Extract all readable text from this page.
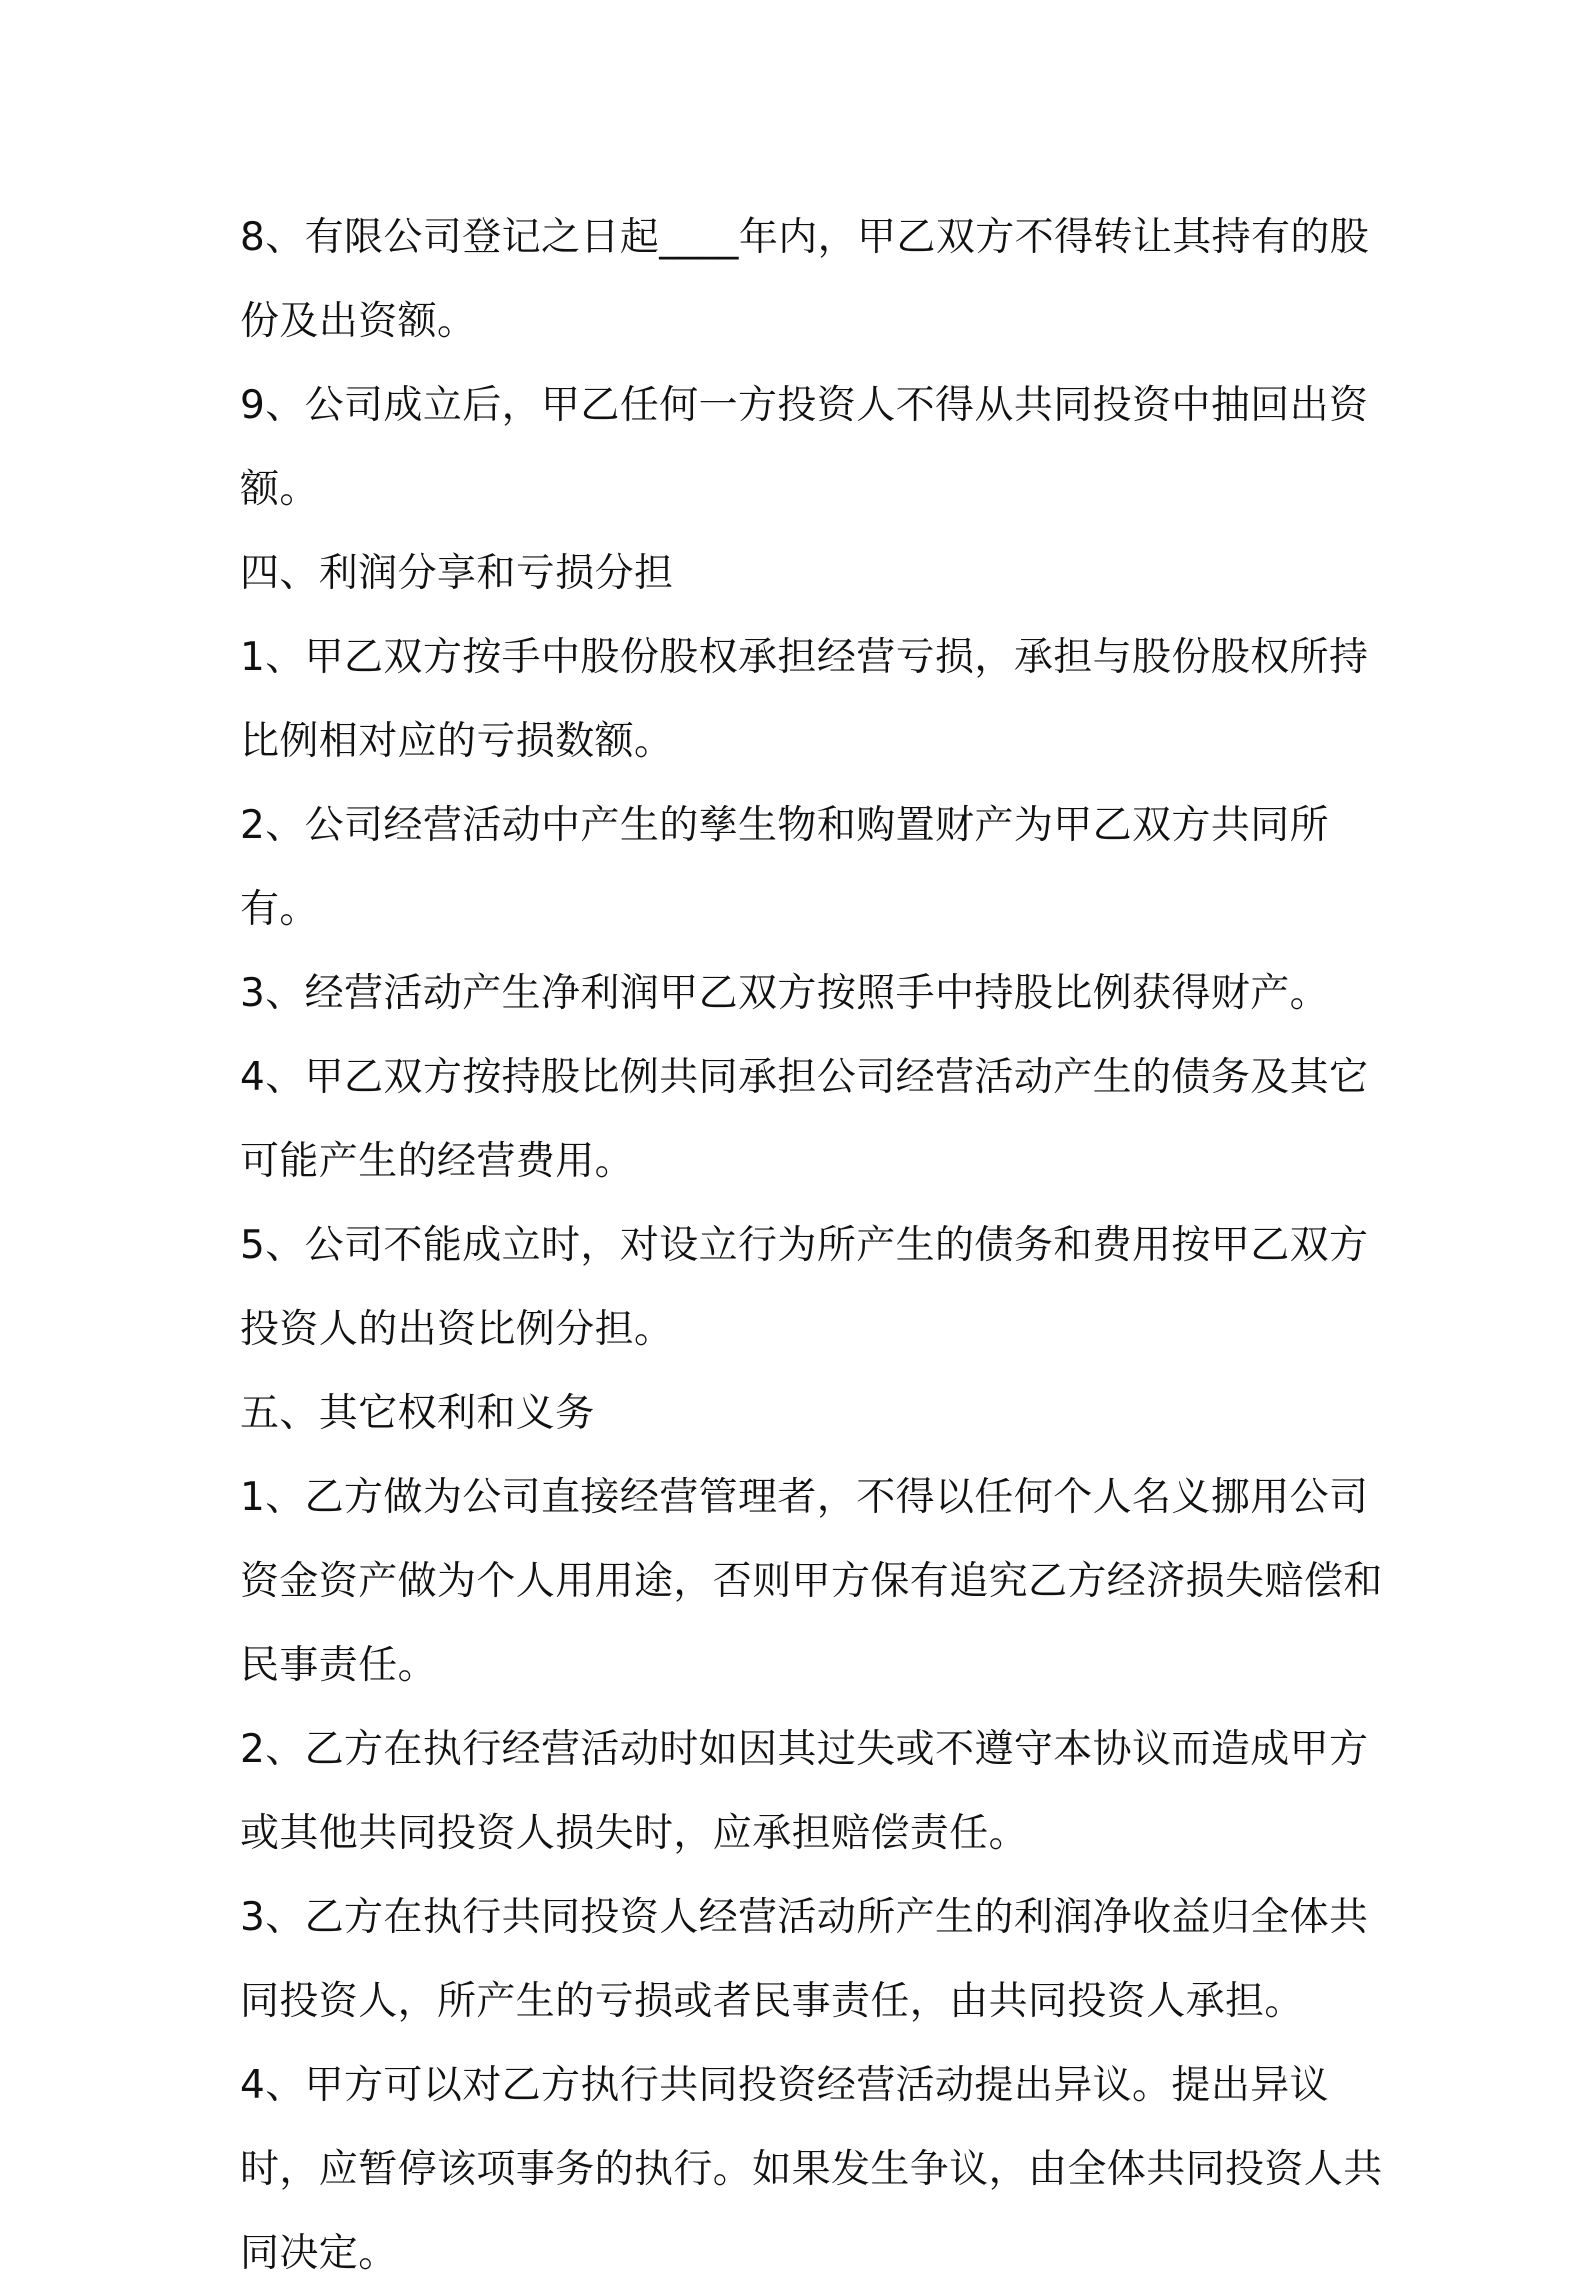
8、有限公司登记之日起____年内，甲乙双方不得转让其持有的股份及出资额。

9、公司成立后，甲乙任何一方投资人不得从共同投资中抽回出资额。

四、利润分享和亏损分担

1、甲乙双方按手中股份股权承担经营亏损，承担与股份股权所持比例相对应的亏损数额。

2、公司经营活动中产生的孳生物和购置财产为甲乙双方共同所有。

3、经营活动产生净利润甲乙双方按照手中持股比例获得财产。

4、甲乙双方按持股比例共同承担公司经营活动产生的债务及其它可能产生的经营费用。

5、公司不能成立时，对设立行为所产生的债务和费用按甲乙双方投资人的出资比例分担。

五、其它权利和义务

1、乙方做为公司直接经营管理者，不得以任何个人名义挪用公司资金资产做为个人用用途，否则甲方保有追究乙方经济损失赔偿和民事责任。

2、乙方在执行经营活动时如因其过失或不遵守本协议而造成甲方或其他共同投资人损失时，应承担赔偿责任。

3、乙方在执行共同投资人经营活动所产生的利润净收益归全体共同投资人，所产生的亏损或者民事责任，由共同投资人承担。

4、甲方可以对乙方执行共同投资经营活动提出异议。提出异议时，应暂停该项事务的执行。如果发生争议，由全体共同投资人共同决定。
